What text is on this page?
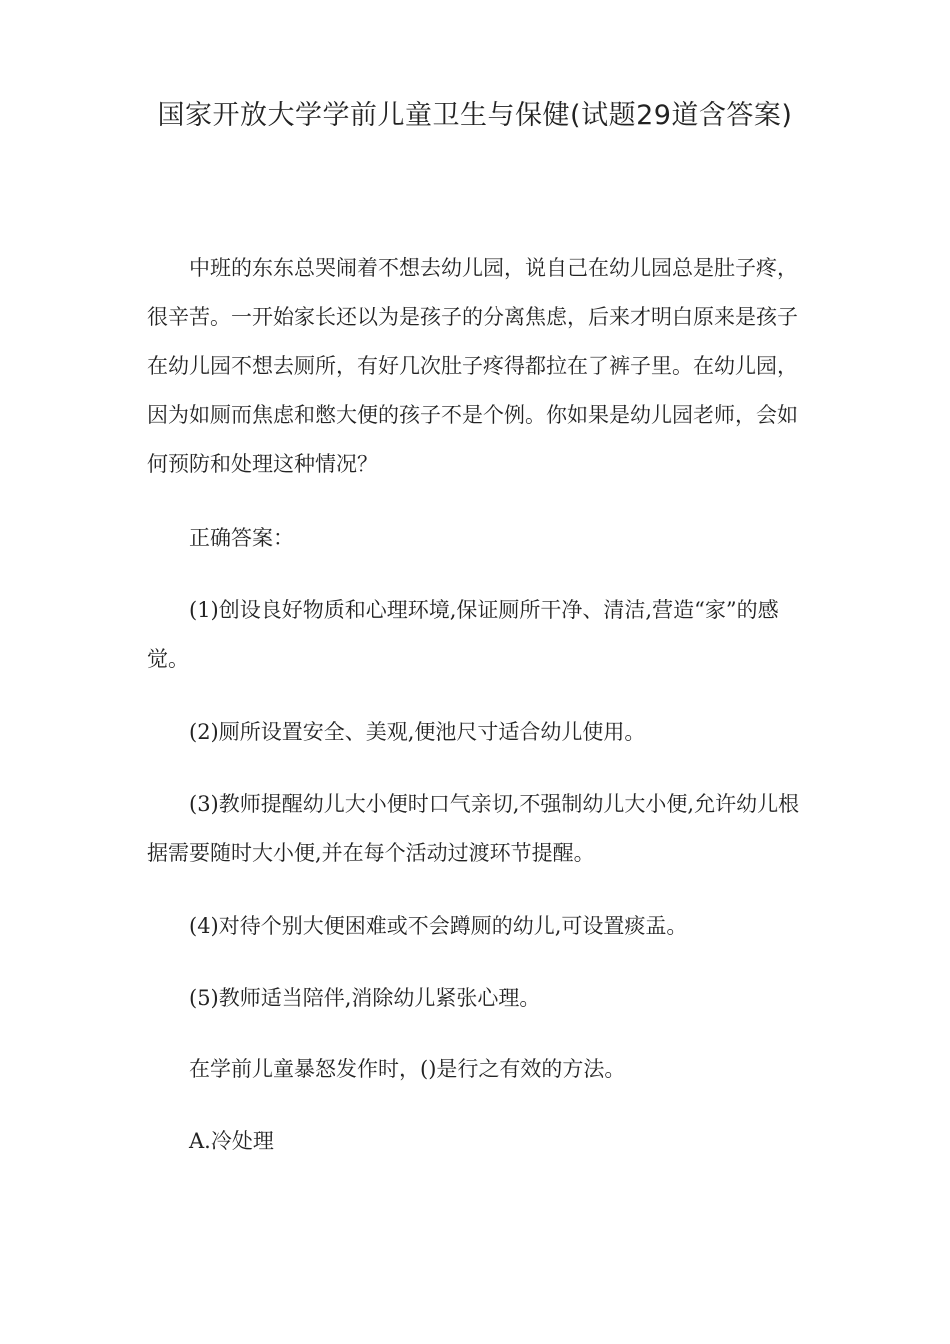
国家开放大学学前儿童卫生与保健(试题29道含答案)

中班的东东总哭闹着不想去幼儿园，说自己在幼儿园总是肚子疼，很辛苦。一开始家长还以为是孩子的分离焦虑，后来才明白原来是孩子在幼儿园不想去厕所，有好几次肚子疼得都拉在了裤子里。在幼儿园，因为如厕而焦虑和憋大便的孩子不是个例。你如果是幼儿园老师，会如何预防和处理这种情况？

正确答案：

(1)创设良好物质和心理环境,保证厕所干净、清洁,营造“家”的感觉。

(2)厕所设置安全、美观,便池尺寸适合幼儿使用。

(3)教师提醒幼儿大小便时口气亲切,不强制幼儿大小便,允许幼儿根据需要随时大小便,并在每个活动过渡环节提醒。

(4)对待个别大便困难或不会蹲厕的幼儿,可设置痰盂。

(5)教师适当陪伴,消除幼儿紧张心理。

在学前儿童暴怒发作时，()是行之有效的方法。

A.冷处理
